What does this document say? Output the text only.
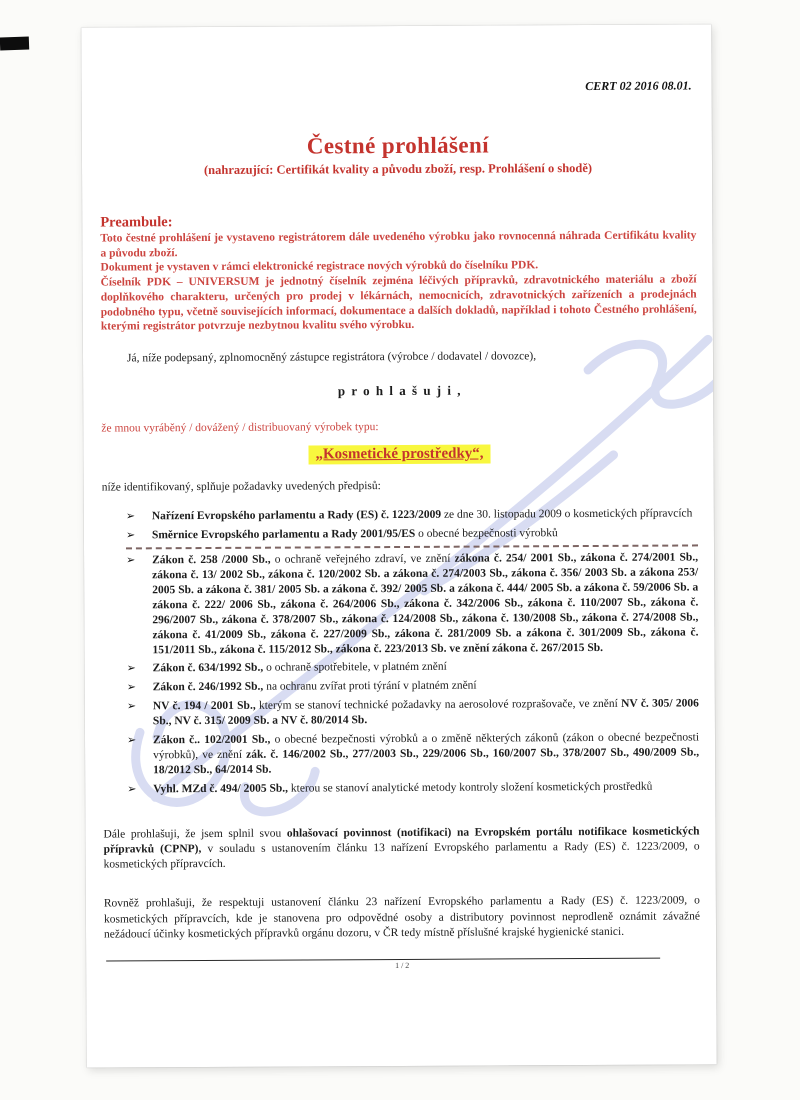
CERT 02 2016 08.01.
Čestné prohlášení
(nahrazující: Certifikát kvality a původu zboží, resp. Prohlášení o shodě)
Preambule:

Toto čestné prohlášení je vystaveno registrátorem dále uvedeného výrobku jako rovnocenná náhrada Certifikátu kvality a původu zboží.

Dokument je vystaven v rámci elektronické registrace nových výrobků do číselníku PDK.

Číselník PDK – UNIVERSUM je jednotný číselník zejména léčivých přípravků, zdravotnického materiálu a zboží doplňkového charakteru, určených pro prodej v lékárnách, nemocnicích, zdravotnických zařízeních a prodejnách podobného typu, včetně souvisejících informací, dokumentace a dalších dokladů, například i tohoto Čestného prohlášení, kterými registrátor potvrzuje nezbytnou kvalitu svého výrobku.

Já, níže podepsaný, zplnomocněný zástupce registrátora (výrobce / dodavatel / dovozce),

p r o h l a š u j i ,

že mnou vyráběný / dovážený / distribuovaný výrobek typu:

„Kosmetické prostředky“,

níže identifikovaný, splňuje požadavky uvedených předpisů:

➢ Nařízení Evropského parlamentu a Rady (ES) č. 1223/2009 ze dne 30. listopadu 2009 o kosmetických přípravcích
➢ Směrnice Evropského parlamentu a Rady 2001/95/ES o obecné bezpečnosti výrobků
➢ Zákon č. 258 /2000 Sb., o ochraně veřejného zdraví, ve znění zákona č. 254/ 2001 Sb., zákona č. 274/2001 Sb., zákona č. 13/ 2002 Sb., zákona č. 120/2002 Sb. a zákona č. 274/2003 Sb., zákona č. 356/ 2003 Sb. a zákona 253/ 2005 Sb. a zákona č. 381/ 2005 Sb. a zákona č. 392/ 2005 Sb. a zákona č. 444/ 2005 Sb. a zákona č. 59/2006 Sb. a zákona č. 222/ 2006 Sb., zákona č. 264/2006 Sb., zákona č. 342/2006 Sb., zákona č. 110/2007 Sb., zákona č. 296/2007 Sb., zákona č. 378/2007 Sb., zákona č. 124/2008 Sb., zákona č. 130/2008 Sb., zákona č. 274/2008 Sb., zákona č. 41/2009 Sb., zákona č. 227/2009 Sb., zákona č. 281/2009 Sb. a zákona č. 301/2009 Sb., zákona č. 151/2011 Sb., zákona č. 115/2012 Sb., zákona č. 223/2013 Sb. ve znění zákona č. 267/2015 Sb.
➢ Zákon č. 634/1992 Sb., o ochraně spotřebitele, v platném znění
➢ Zákon č. 246/1992 Sb., na ochranu zvířat proti týrání v platném znění
➢ NV č. 194 / 2001 Sb., kterým se stanoví technické požadavky na aerosolové rozprašovače, ve znění NV č. 305/ 2006 Sb., NV č. 315/ 2009 Sb. a NV č. 80/2014 Sb.
➢ Zákon č.. 102/2001 Sb., o obecné bezpečnosti výrobků a o změně některých zákonů (zákon o obecné bezpečnosti výrobků), ve znění zák. č. 146/2002 Sb., 277/2003 Sb., 229/2006 Sb., 160/2007 Sb., 378/2007 Sb., 490/2009 Sb., 18/2012 Sb., 64/2014 Sb.
➢ Vyhl. MZd č. 494/ 2005 Sb., kterou se stanoví analytické metody kontroly složení kosmetických prostředků

Dále prohlašuji, že jsem splnil svou ohlašovací povinnost (notifikaci) na Evropském portálu notifikace kosmetických přípravků (CPNP), v souladu s ustanovením článku 13 nařízení Evropského parlamentu a Rady (ES) č. 1223/2009, o kosmetických přípravcích.

Rovněž prohlašuji, že respektuji ustanovení článku 23 nařízení Evropského parlamentu a Rady (ES) č. 1223/2009, o kosmetických přípravcích, kde je stanovena pro odpovědné osoby a distributory povinnost neprodleně oznámit závažné nežádoucí účinky kosmetických přípravků orgánu dozoru, v ČR tedy místně příslušné krajské hygienické stanici.

1 / 2
